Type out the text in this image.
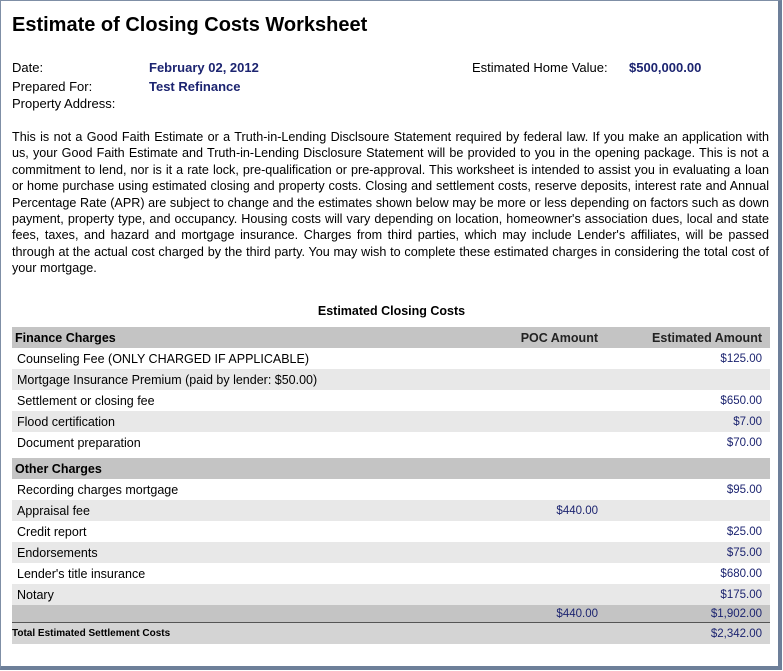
Estimate of Closing Costs Worksheet
Date:	February 02, 2012
Prepared For:	Test Refinance
Property Address:
Estimated Home Value: $500,000.00
This is not a Good Faith Estimate or a Truth-in-Lending Disclsoure Statement required by federal law. If you make an application with us, your Good Faith Estimate and Truth-in-Lending Disclosure Statement will be provided to you in the opening package. This is not a commitment to lend, nor is it a rate lock, pre-qualification or pre-approval. This worksheet is intended to assist you in evaluating a loan or home purchase using estimated closing and property costs. Closing and settlement costs, reserve deposits, interest rate and Annual Percentage Rate (APR) are subject to change and the estimates shown below may be more or less depending on factors such as down payment, property type, and occupancy. Housing costs will vary depending on location, homeowner's association dues, local and state fees, taxes, and hazard and mortgage insurance. Charges from third parties, which may include Lender's affiliates, will be passed through at the actual cost charged by the third party. You may wish to complete these estimated charges in considering the total cost of your mortgage.
Estimated Closing Costs
Finance Charges	POC Amount	Estimated Amount
Counseling Fee (ONLY CHARGED IF APPLICABLE)		$125.00
Mortgage Insurance Premium (paid by lender: $50.00)		
Settlement or closing fee		$650.00
Flood certification		$7.00
Document preparation		$70.00

Other Charges		
Recording charges mortgage		$95.00
Appraisal fee	$440.00	
Credit report		$25.00
Endorsements		$75.00
Lender's title insurance		$680.00
Notary		$175.00
	$440.00	$1,902.00
Total Estimated Settlement Costs		$2,342.00
